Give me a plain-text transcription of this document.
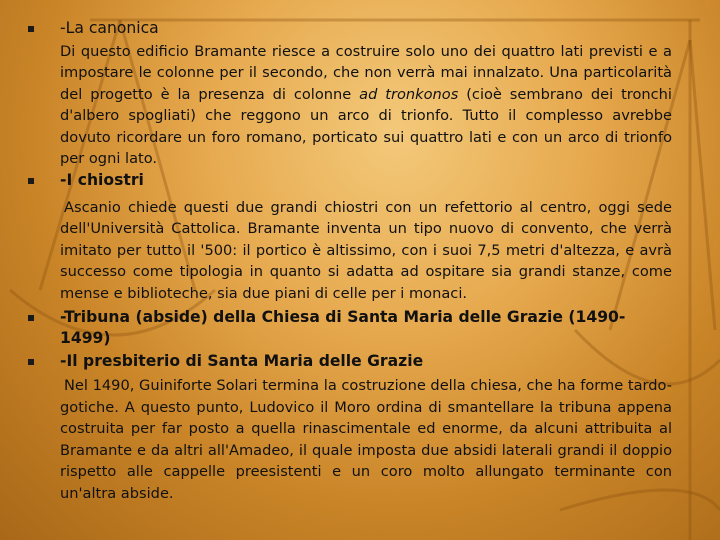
-La canonica
Di questo edificio Bramante riesce a costruire solo uno dei quattro lati previsti e a impostare le colonne per il secondo, che non verrà mai innalzato. Una particolarità del progetto è la presenza di colonne ad tronkonos (cioè sembrano dei tronchi d'albero spogliati) che reggono un arco di trionfo. Tutto il complesso avrebbe dovuto ricordare un foro romano, porticato sui quattro lati e con un arco di trionfo per ogni lato.
-I chiostri
Ascanio chiede questi due grandi chiostri con un refettorio al centro, oggi sede dell'Università Cattolica. Bramante inventa un tipo nuovo di convento, che verrà imitato per tutto il '500: il portico è altissimo, con i suoi 7,5 metri d'altezza, e avrà successo come tipologia in quanto si adatta ad ospitare sia grandi stanze, come mense e biblioteche, sia due piani di celle per i monaci.
-Tribuna (abside) della Chiesa di Santa Maria delle Grazie (1490-1499)
-Il presbiterio di Santa Maria delle Grazie
Nel 1490, Guiniforte Solari termina la costruzione della chiesa, che ha forme tardo-gotiche. A questo punto, Ludovico il Moro ordina di smantellare la tribuna appena costruita per far posto a quella rinascimentale ed enorme, da alcuni attribuita al Bramante e da altri all'Amadeo, il quale imposta due absidi laterali grandi il doppio rispetto alle cappelle preesistenti e un coro molto allungato terminante con un'altra abside.
